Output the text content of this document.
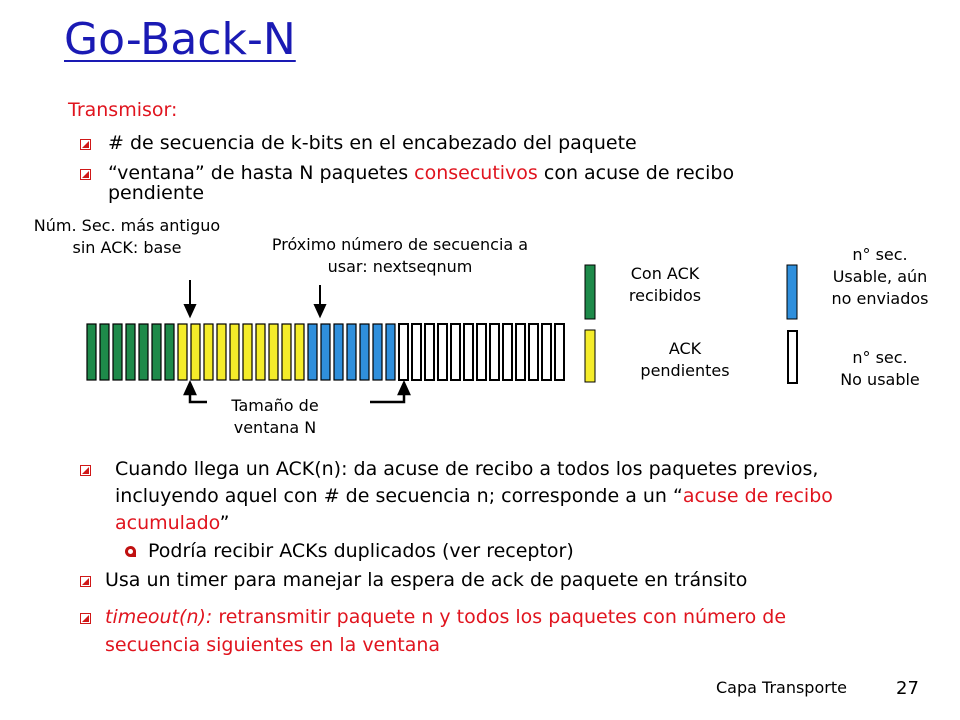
Go-Back-N
Transmisor:
# de secuencia de k-bits en el encabezado del paquete
“ventana” de hasta N paquetes consecutivos con acuse de recibo
pendiente
Núm. Sec. más antiguo
sin ACK: base	Próximo número de secuencia a
usar: nextseqnum
Tamaño de
ventana N
Con ACK
recibidos
ACK
pendientes
n° sec.
Usable, aún
no enviados
n° sec.
No usable
Cuando llega un ACK(n): da acuse de recibo a todos los paquetes previos,
incluyendo aquel con # de secuencia n; corresponde a un “acuse de recibo
acumulado”
Podría recibir ACKs duplicados (ver receptor)
Usa un timer para manejar la espera de ack de paquete en tránsito
timeout(n): retransmitir paquete n y todos los paquetes con número de
secuencia siguientes en la ventana
Capa Transporte	27
